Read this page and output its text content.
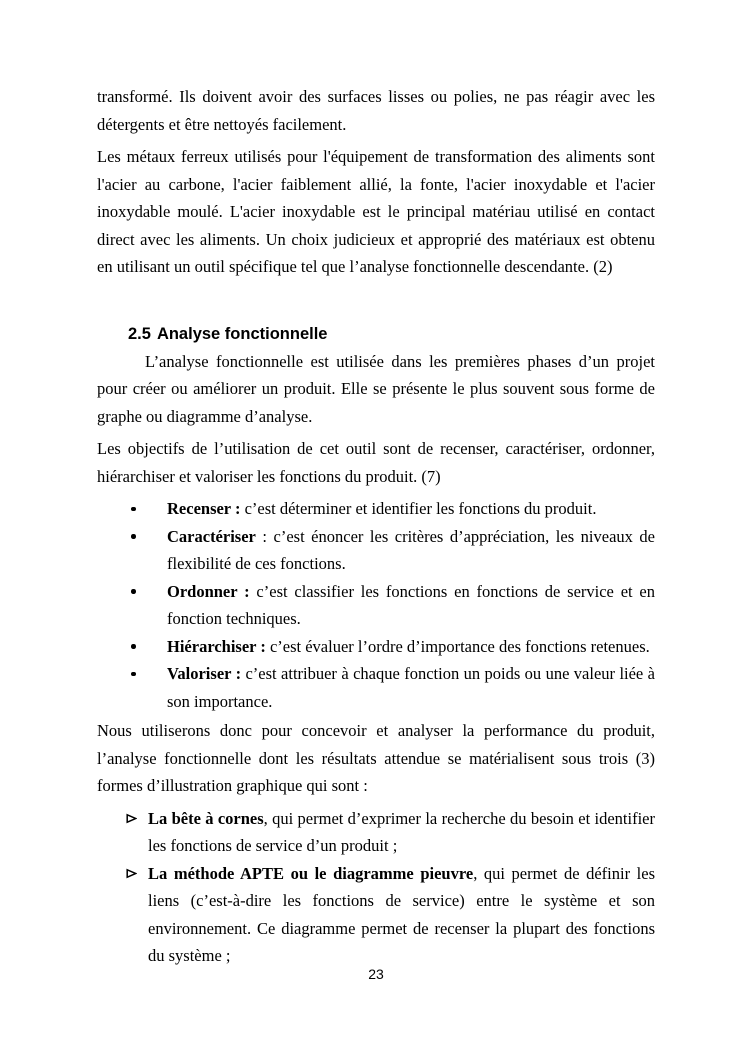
transformé. Ils doivent avoir des surfaces lisses ou polies, ne pas réagir avec les détergents et être nettoyés facilement.

Les métaux ferreux utilisés pour l'équipement de transformation des aliments sont l'acier au carbone, l'acier faiblement allié, la fonte, l'acier inoxydable et l'acier inoxydable moulé. L'acier inoxydable est le principal matériau utilisé en contact direct avec les aliments. Un choix judicieux et approprié des matériaux est obtenu en utilisant un outil spécifique tel que l’analyse fonctionnelle descendante. (2)

2.5 Analyse fonctionnelle

L’analyse fonctionnelle est utilisée dans les premières phases d’un projet pour créer ou améliorer un produit. Elle se présente le plus souvent sous forme de graphe ou diagramme d’analyse.

Les objectifs de l’utilisation de cet outil sont de recenser, caractériser, ordonner, hiérarchiser et valoriser les fonctions du produit. (7)

Recenser : c’est déterminer et identifier les fonctions du produit.
Caractériser : c’est énoncer les critères d’appréciation, les niveaux de flexibilité de ces fonctions.
Ordonner : c’est classifier les fonctions en fonctions de service et en fonction techniques.
Hiérarchiser : c’est évaluer l’ordre d’importance des fonctions retenues.
Valoriser : c’est attribuer à chaque fonction un poids ou une valeur liée à son importance.

Nous utiliserons donc pour concevoir et analyser la performance du produit, l’analyse fonctionnelle dont les résultats attendue se matérialisent sous trois (3) formes d’illustration graphique qui sont :

La bête à cornes, qui permet d’exprimer la recherche du besoin et identifier les fonctions de service d’un produit ;
La méthode APTE ou le diagramme pieuvre, qui permet de définir les liens (c’est-à-dire les fonctions de service) entre le système et son environnement. Ce diagramme permet de recenser la plupart des fonctions du système ;
23
